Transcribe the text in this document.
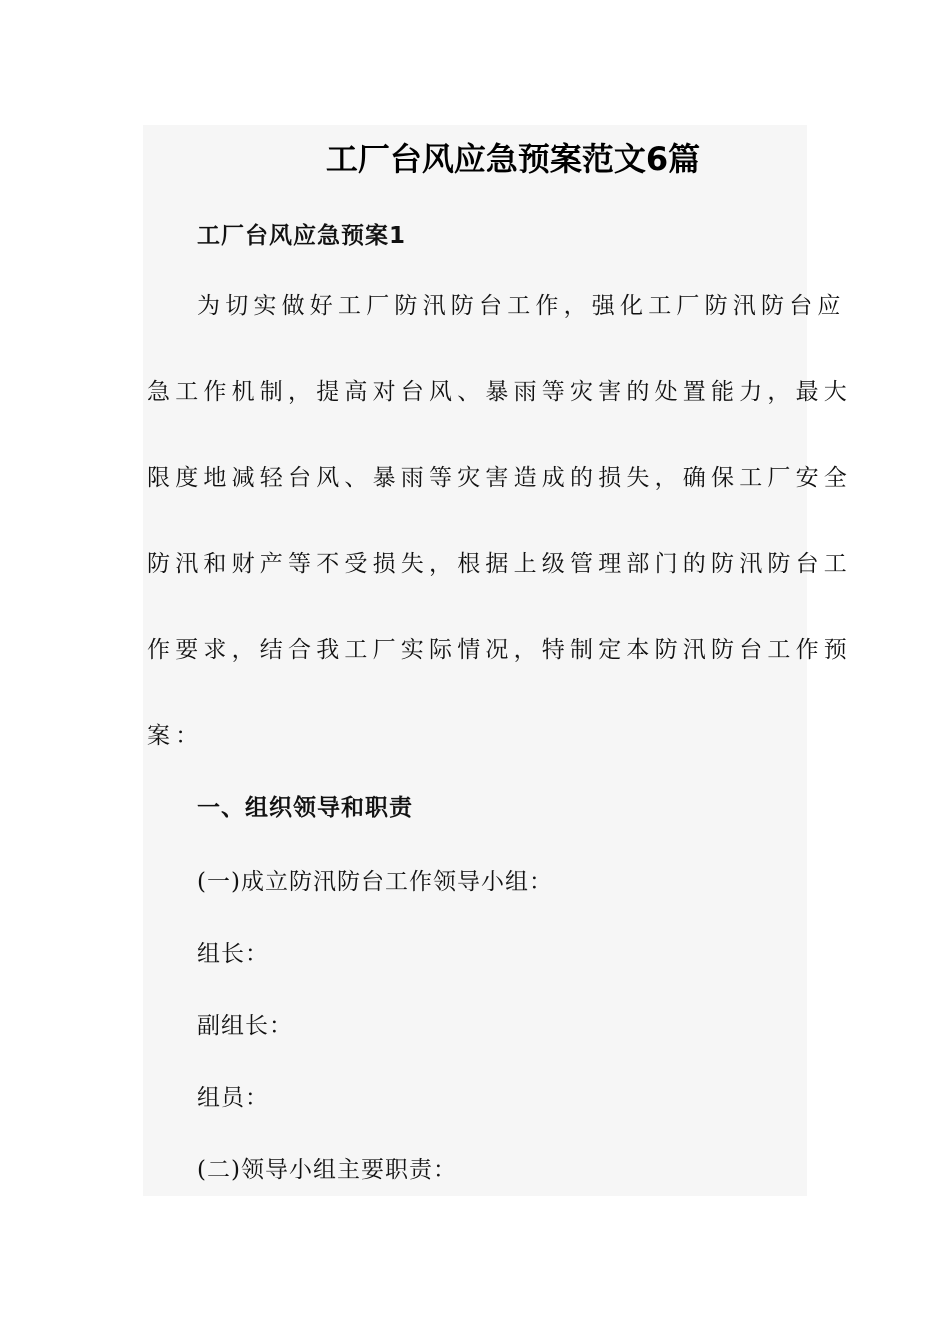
工厂台风应急预案范文6篇

工厂台风应急预案1

为切实做好工厂防汛防台工作，强化工厂防汛防台应

急工作机制，提高对台风、暴雨等灾害的处置能力，最大

限度地减轻台风、暴雨等灾害造成的损失，确保工厂安全

防汛和财产等不受损失，根据上级管理部门的防汛防台工

作要求，结合我工厂实际情况，特制定本防汛防台工作预

案：

一、组织领导和职责

(一)成立防汛防台工作领导小组：

组长：

副组长：

组员：

(二)领导小组主要职责：
